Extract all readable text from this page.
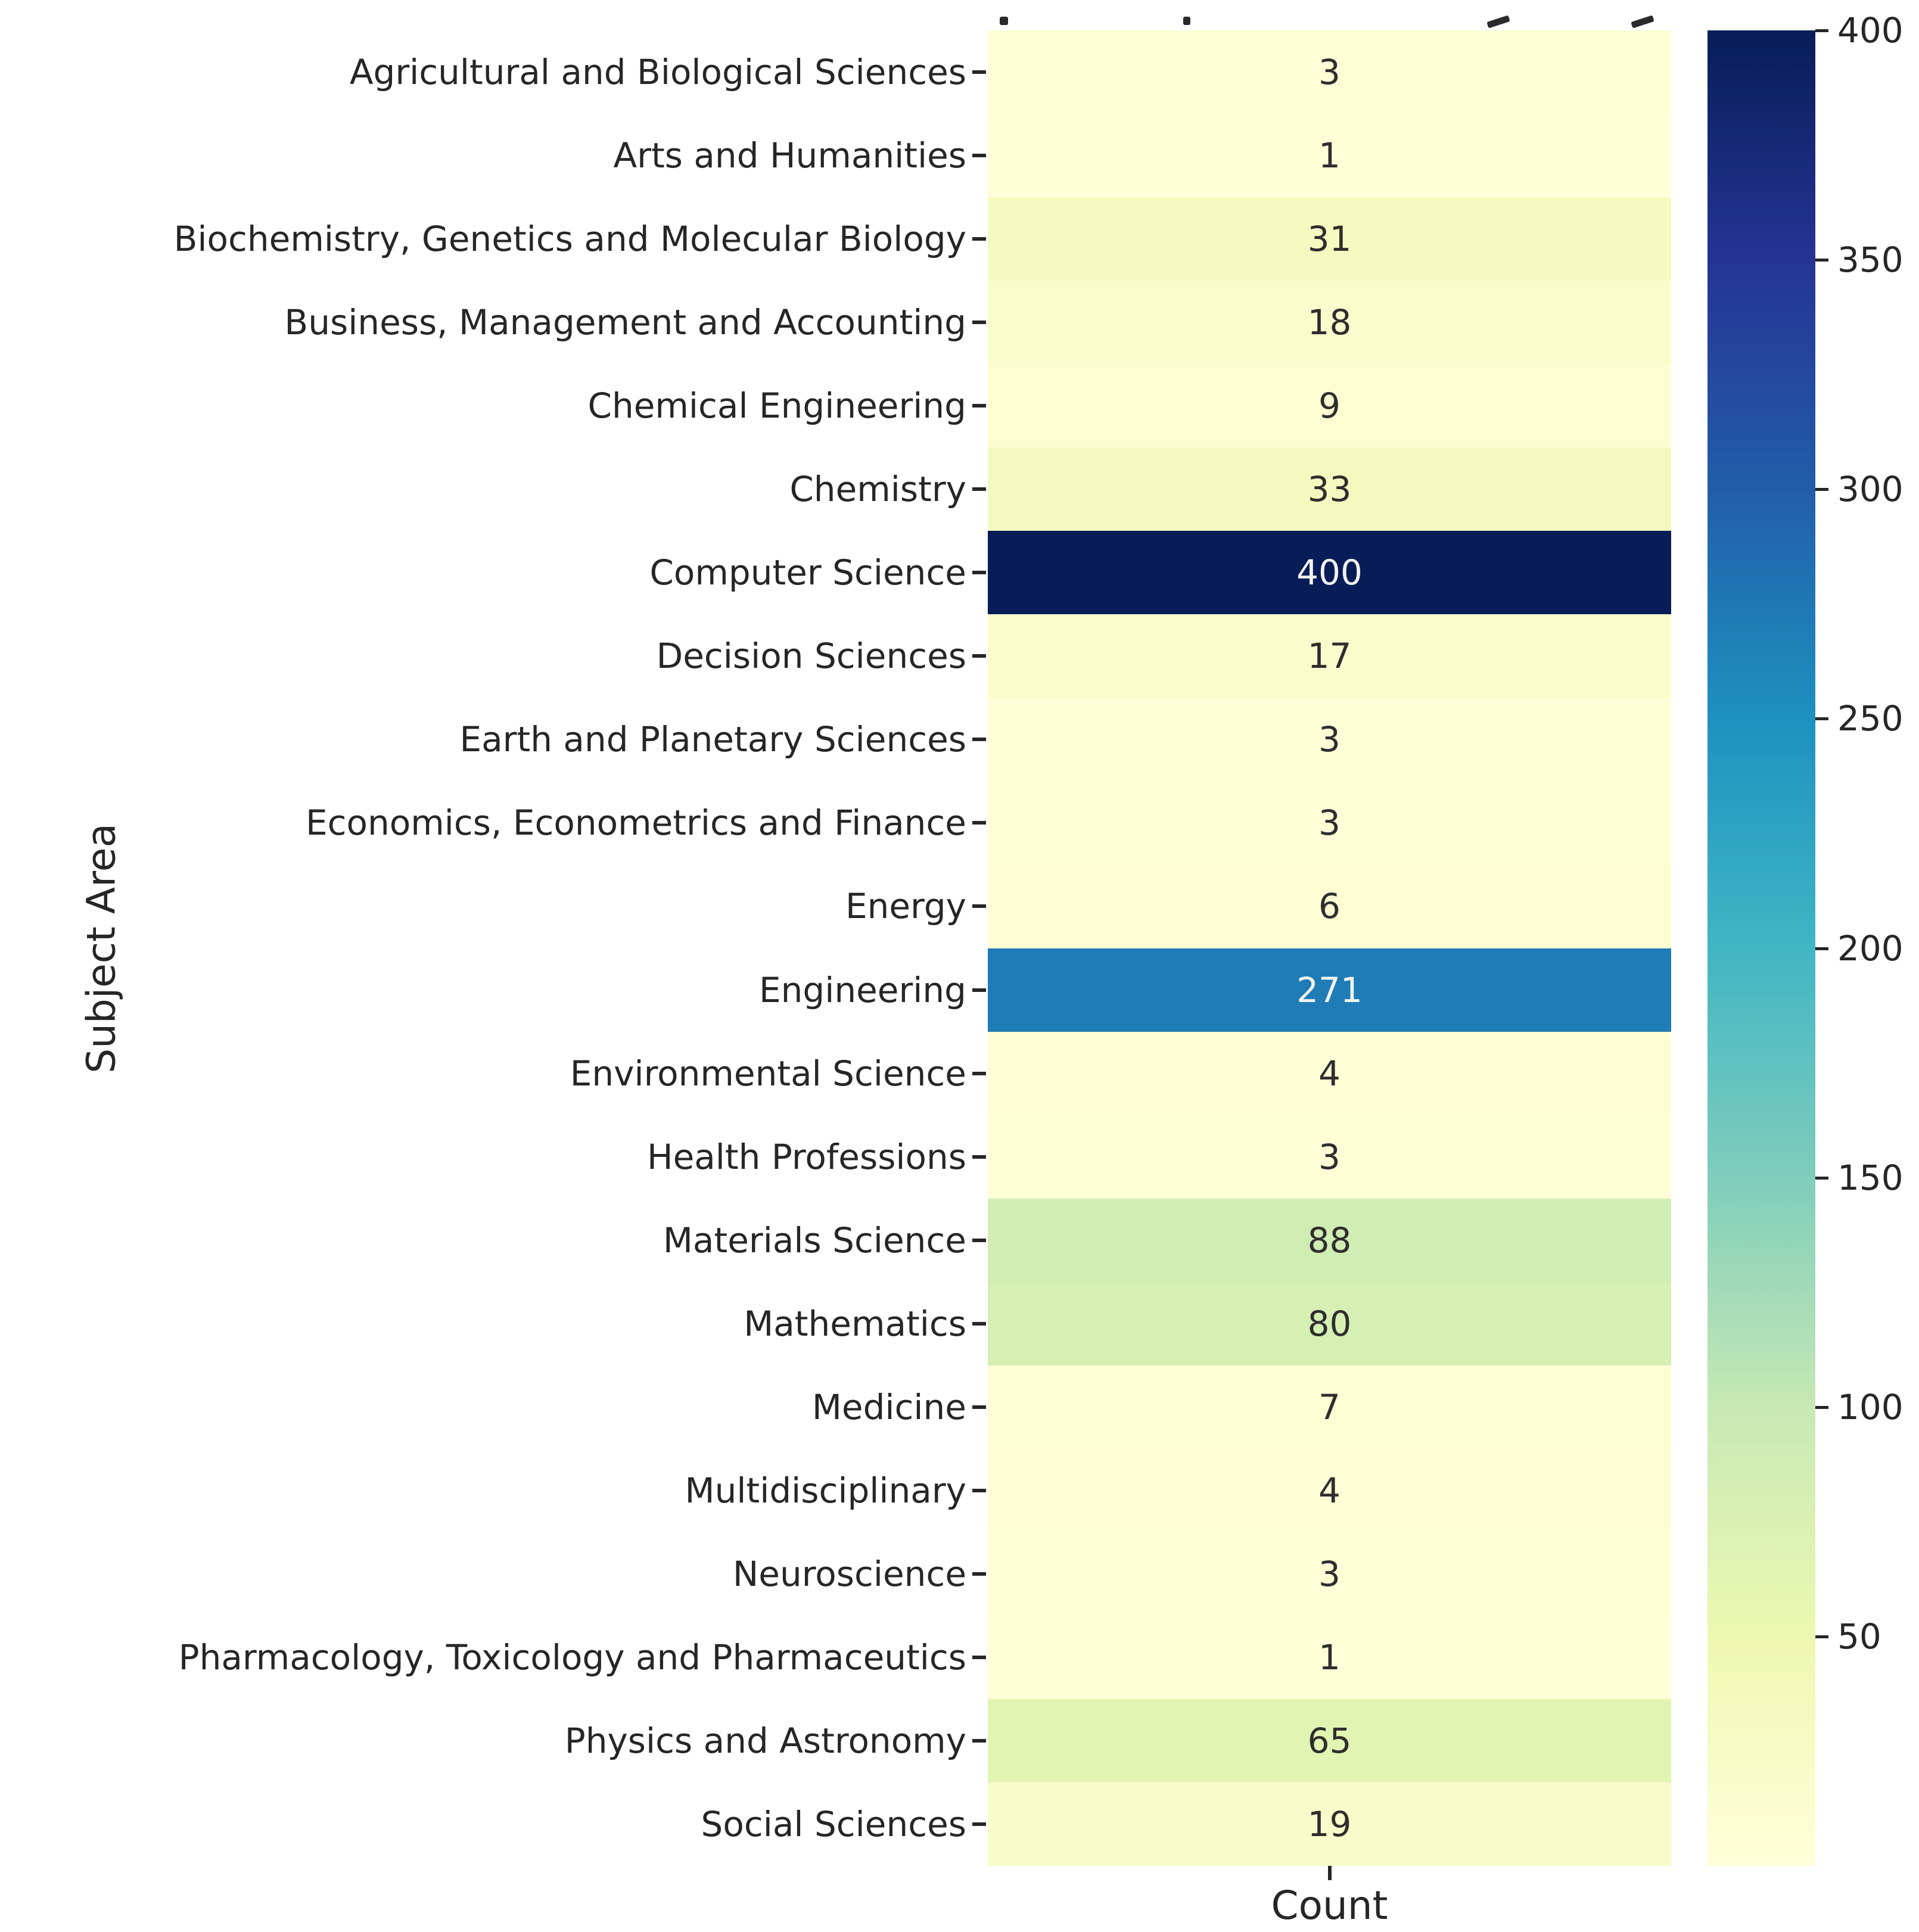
Subject Area
Count
Agricultural and Biological Sciences	3
Arts and Humanities	1
Biochemistry, Genetics and Molecular Biology	31
Business, Management and Accounting	18
Chemical Engineering	9
Chemistry	33
Computer Science	400
Decision Sciences	17
Earth and Planetary Sciences	3
Economics, Econometrics and Finance	3
Energy	6
Engineering	271
Environmental Science	4
Health Professions	3
Materials Science	88
Mathematics	80
Medicine	7
Multidisciplinary	4
Neuroscience	3
Pharmacology, Toxicology and Pharmaceutics	1
Physics and Astronomy	65
Social Sciences	19
50
100
150
200
250
300
350
400
